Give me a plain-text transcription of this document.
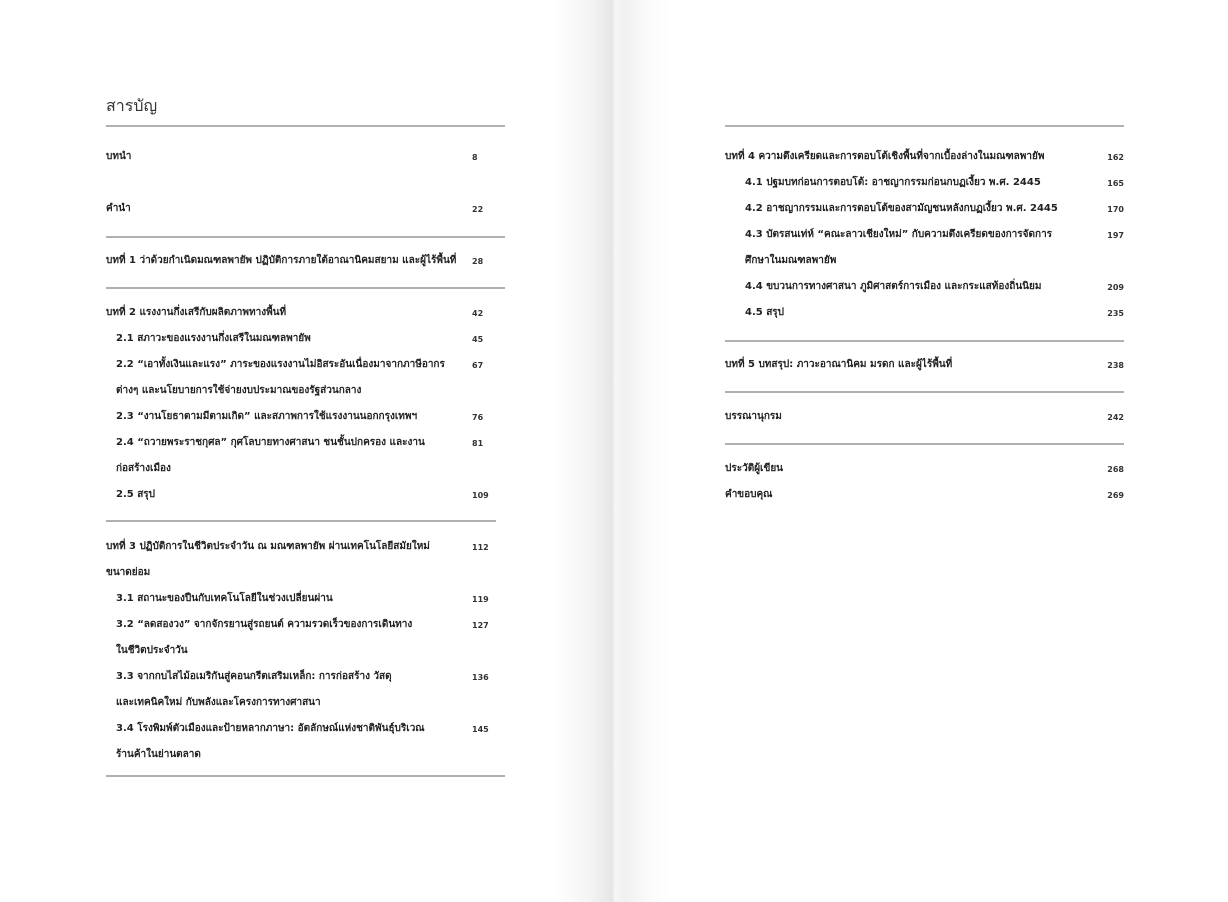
สารบัญ
บทนำ	8
คำนำ	22
บทที่ 1 ว่าด้วยกำเนิดมณฑลพายัพ ปฏิบัติการภายใต้อาณานิคมสยาม และผู้ไร้พื้นที่ 28
บทที่ 2 แรงงานกึ่งเสรีกับผลิตภาพทางพื้นที่	42
2.1 สภาวะของแรงงานกึ่งเสรีในมณฑลพายัพ	45
2.2 “เอาทั้งเงินและแรง” ภาระของแรงงานไม่อิสระอันเนื่องมาจากภาษีอากร
ต่างๆ และนโยบายการใช้จ่ายงบประมาณของรัฐส่วนกลาง
67
2.3 “งานโยธาตามมีตามเกิด” และสภาพการใช้แรงงานนอกกรุงเทพฯ	76
2.4 “ถวายพระราชกุศล” กุศโลบายทางศาสนา ชนชั้นปกครอง และงาน
ก่อสร้างเมือง
81
2.5 สรุป	109
บทที่ 3 ปฏิบัติการในชีวิตประจำวัน ณ มณฑลพายัพ ผ่านเทคโนโลยีสมัยใหม่
ขนาดย่อม
112
3.1 สถานะของปืนกับเทคโนโลยีในช่วงเปลี่ยนผ่าน	119
3.2 “ลดสองวง” จากจักรยานสู่รถยนต์ ความรวดเร็วของการเดินทาง
ในชีวิตประจำวัน
127
3.3 จากกบไสไม้อเมริกันสู่คอนกรีตเสริมเหล็ก: การก่อสร้าง วัสดุ
และเทคนิคใหม่ กับพลังและโครงการทางศาสนา
136
3.4 โรงพิมพ์ตัวเมืองและป้ายหลากภาษา: อัตลักษณ์แห่งชาติพันธุ์บริเวณ
ร้านค้าในย่านตลาด
145
บทที่ 4 ความตึงเครียดและการตอบโต้เชิงพื้นที่จากเบื้องล่างในมณฑลพายัพ	162
4.1 ปฐมบทก่อนการตอบโต้: อาชญากรรมก่อนกบฏเงี้ยว พ.ศ. 2445	165
4.2 อาชญากรรมและการตอบโต้ของสามัญชนหลังกบฏเงี้ยว พ.ศ. 2445	170
4.3 บัตรสนเท่ห์ “คณะลาวเชียงใหม่” กับความตึงเครียดของการจัดการ
ศึกษาในมณฑลพายัพ
197
4.4 ขบวนการทางศาสนา ภูมิศาสตร์การเมือง และกระแสท้องถิ่นนิยม	209
4.5 สรุป	235
บทที่ 5 บทสรุป: ภาวะอาณานิคม มรดก และผู้ไร้พื้นที่	238
บรรณานุกรม	242
ประวัติผู้เขียน	268
คำขอบคุณ	269
